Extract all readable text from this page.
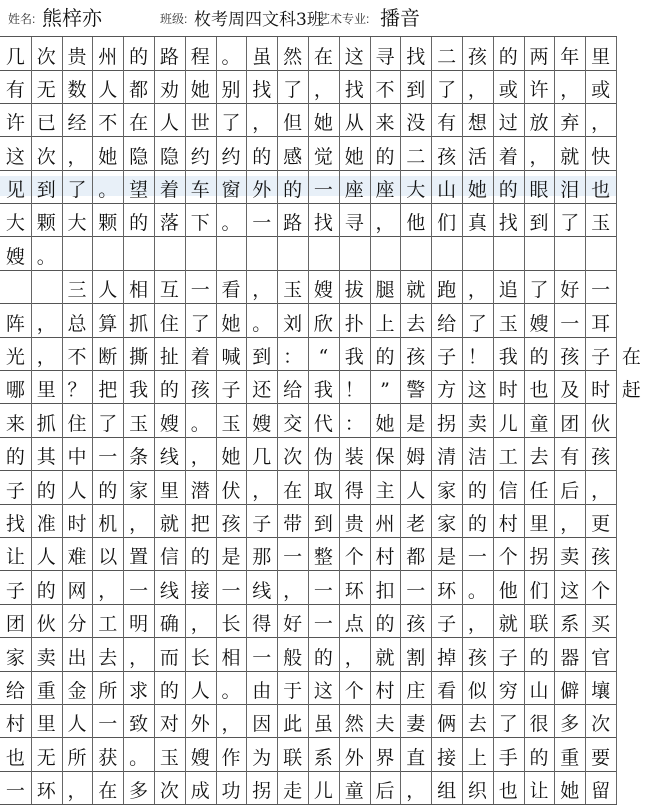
姓名: 熊梓亦	班级: 枚考周四文科3班
艺术专业: 播音
几 次 贵 州 的 路 程 。 虽 然 在 这 寻 找 二 孩 的 两 年 里
有 无 数 人 都 劝 她 别 找 了 ， 找 不 到 了 ， 或 许 ， 或
许 已 经 不 在 人 世 了 ， 但 她 从 来 没 有 想 过 放 弃 ，
这 次 ， 她 隐 隐 约 约 的 感 觉 她 的 二 孩 活 着 ， 就 快
见 到 了 。 望 着 车 窗 外 的 一 座 座 大 山 她 的 眼 泪 也
大 颗 大 颗 的 落 下 。 一 路 找 寻 ， 他 们 真 找 到 了 玉
嫂 。

三 人 相 互 一 看 ， 玉 嫂 拔 腿 就 跑 ， 追 了 好 一
阵 ， 总 算 抓 住 了 她 。 刘 欣 扑 上 去 给 了 玉 嫂 一 耳
光 ， 不 断 撕 扯 着 喊 到 ： “ 我 的 孩 子 ！ 我 的 孩 子 在
哪 里 ？ 把 我 的 孩 子 还 给 我 ！ ” 警 方 这 时 也 及 时 赶
来 抓 住 了 玉 嫂 。 玉 嫂 交 代 ： 她 是 拐 卖 儿 童 团 伙
的 其 中 一 条 线 ， 她 几 次 伪 装 保 姆 清 洁 工 去 有 孩
子 的 人 的 家 里 潜 伏 ， 在 取 得 主 人 家 的 信 任 后 ，
找 准 时 机 ， 就 把 孩 子 带 到 贵 州 老 家 的 村 里 ， 更
让 人 难 以 置 信 的 是 那 一 整 个 村 都 是 一 个 拐 卖 孩
子 的 网 ， 一 线 接 一 线 ， 一 环 扣 一 环 。 他 们 这 个
团 伙 分 工 明 确 ， 长 得 好 一 点 的 孩 子 ， 就 联 系 买
家 卖 出 去 ， 而 长 相 一 般 的 ， 就 割 掉 孩 子 的 器 官
给 重 金 所 求 的 人 。 由 于 这 个 村 庄 看 似 穷 山 僻 壤
村 里 人 一 致 对 外 ， 因 此 虽 然 夫 妻 俩 去 了 很 多 次
也 无 所 获 。 玉 嫂 作 为 联 系 外 界 直 接 上 手 的 重 要
一 环 ， 在 多 次 成 功 拐 走 儿 童 后 ， 组 织 也 让 她 留
